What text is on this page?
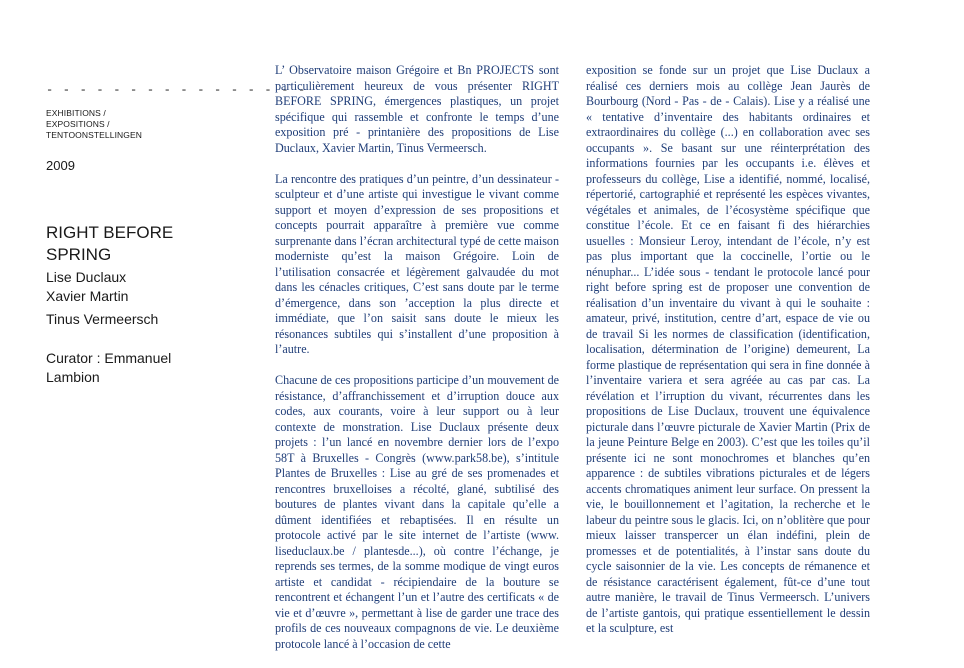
- - - - - - - - - - - - - - - -
EXHIBITIONS /
EXPOSITIONS /
TENTOONSTELLINGEN
2009
RIGHT BEFORE
SPRING
Lise Duclaux
Xavier Martin
Tinus Vermeersch
Curator : Emmanuel
Lambion

L’ Observatoire maison Grégoire et Bn PROJECTS sont particulièrement heureux de vous présenter RIGHT BEFORE SPRING, émergences plastiques, un projet spécifique qui rassemble et confronte le temps d’une exposition pré - printanière des propositions de Lise Duclaux, Xavier Martin, Tinus Vermeersch.

La rencontre des pratiques d’un peintre, d’un dessinateur - sculpteur et d’une artiste qui investigue le vivant comme support et moyen d’expression de ses propositions et concepts pourrait apparaître à première vue comme surprenante dans l’écran architectural typé de cette maison moderniste qu’est la maison Grégoire. Loin de l’utilisation consacrée et légèrement galvaudée du mot dans les cénacles critiques, C’est sans doute par le terme d’émergence, dans son ’acception la plus directe et immédiate, que l’on saisit sans doute le mieux les résonances subtiles qui s’installent d’une proposition à l’autre.

Chacune de ces propositions participe d’un mouvement de résistance, d’affranchissement et d’irruption douce aux codes, aux courants, voire à leur support ou à leur contexte de monstration. Lise Duclaux présente deux projets : l’un lancé en novembre dernier lors de l’expo 58T à Bruxelles - Congrès (www.park58.be), s’intitule Plantes de Bruxelles : Lise au gré de ses promenades et rencontres bruxelloises a récolté, glané, subtilisé des boutures de plantes vivant dans la capitale qu’elle a dûment identifiées et rebaptisées. Il en résulte un protocole activé par le site internet de l’artiste (www. liseduclaux.be / plantesde...), où contre l’échange, je reprends ses termes, de la somme modique de vingt euros artiste et candidat - récipiendaire de la bouture se rencontrent et échangent l’un et l’autre des certificats « de vie et d’œuvre », permettant à lise de garder une trace des profils de ces nouveaux compagnons de vie. Le deuxième protocole lancé à l’occasion de cette

exposition se fonde sur un projet que Lise Duclaux a réalisé ces derniers mois au collège Jean Jaurès de Bourbourg (Nord - Pas - de - Calais). Lise y a réalisé une « tentative d’inventaire des habitants ordinaires et extraordinaires du collège (...) en collaboration avec ses occupants ». Se basant sur une réinterprétation des informations fournies par les occupants i.e. élèves et professeurs du collège, Lise a identifié, nommé, localisé, répertorié, cartographié et représenté les espèces vivantes, végétales et animales, de l’écosystème spécifique que constitue l’école. Et ce en faisant fi des hiérarchies usuelles : Monsieur Leroy, intendant de l’école, n’y est pas plus important que la coccinelle, l’ortie ou le nénuphar... L’idée sous - tendant le protocole lancé pour right before spring est de proposer une convention de réalisation d’un inventaire du vivant à qui le souhaite : amateur, privé, institution, centre d’art, espace de vie ou de travail Si les normes de classification (identification, localisation, détermination de l’origine) demeurent, La forme plastique de représentation qui sera in fine donnée à l’inventaire variera et sera agréée au cas par cas. La révélation et l’irruption du vivant, récurrentes dans les propositions de Lise Duclaux, trouvent une équivalence picturale dans l’œuvre picturale de Xavier Martin (Prix de la jeune Peinture Belge en 2003). C’est que les toiles qu’il présente ici ne sont monochromes et blanches qu’en apparence : de subtiles vibrations picturales et de légers accents chromatiques animent leur surface. On pressent la vie, le bouillonnement et l’agitation, la recherche et le labeur du peintre sous le glacis. Ici, on n’oblitère que pour mieux laisser transpercer un élan indéfini, plein de promesses et de potentialités, à l’instar sans doute du cycle saisonnier de la vie. Les concepts de rémanence et de résistance caractérisent également, fût-ce d’une tout autre manière, le travail de Tinus Vermeersch. L’univers de l’artiste gantois, qui pratique essentiellement le dessin et la sculpture, est
